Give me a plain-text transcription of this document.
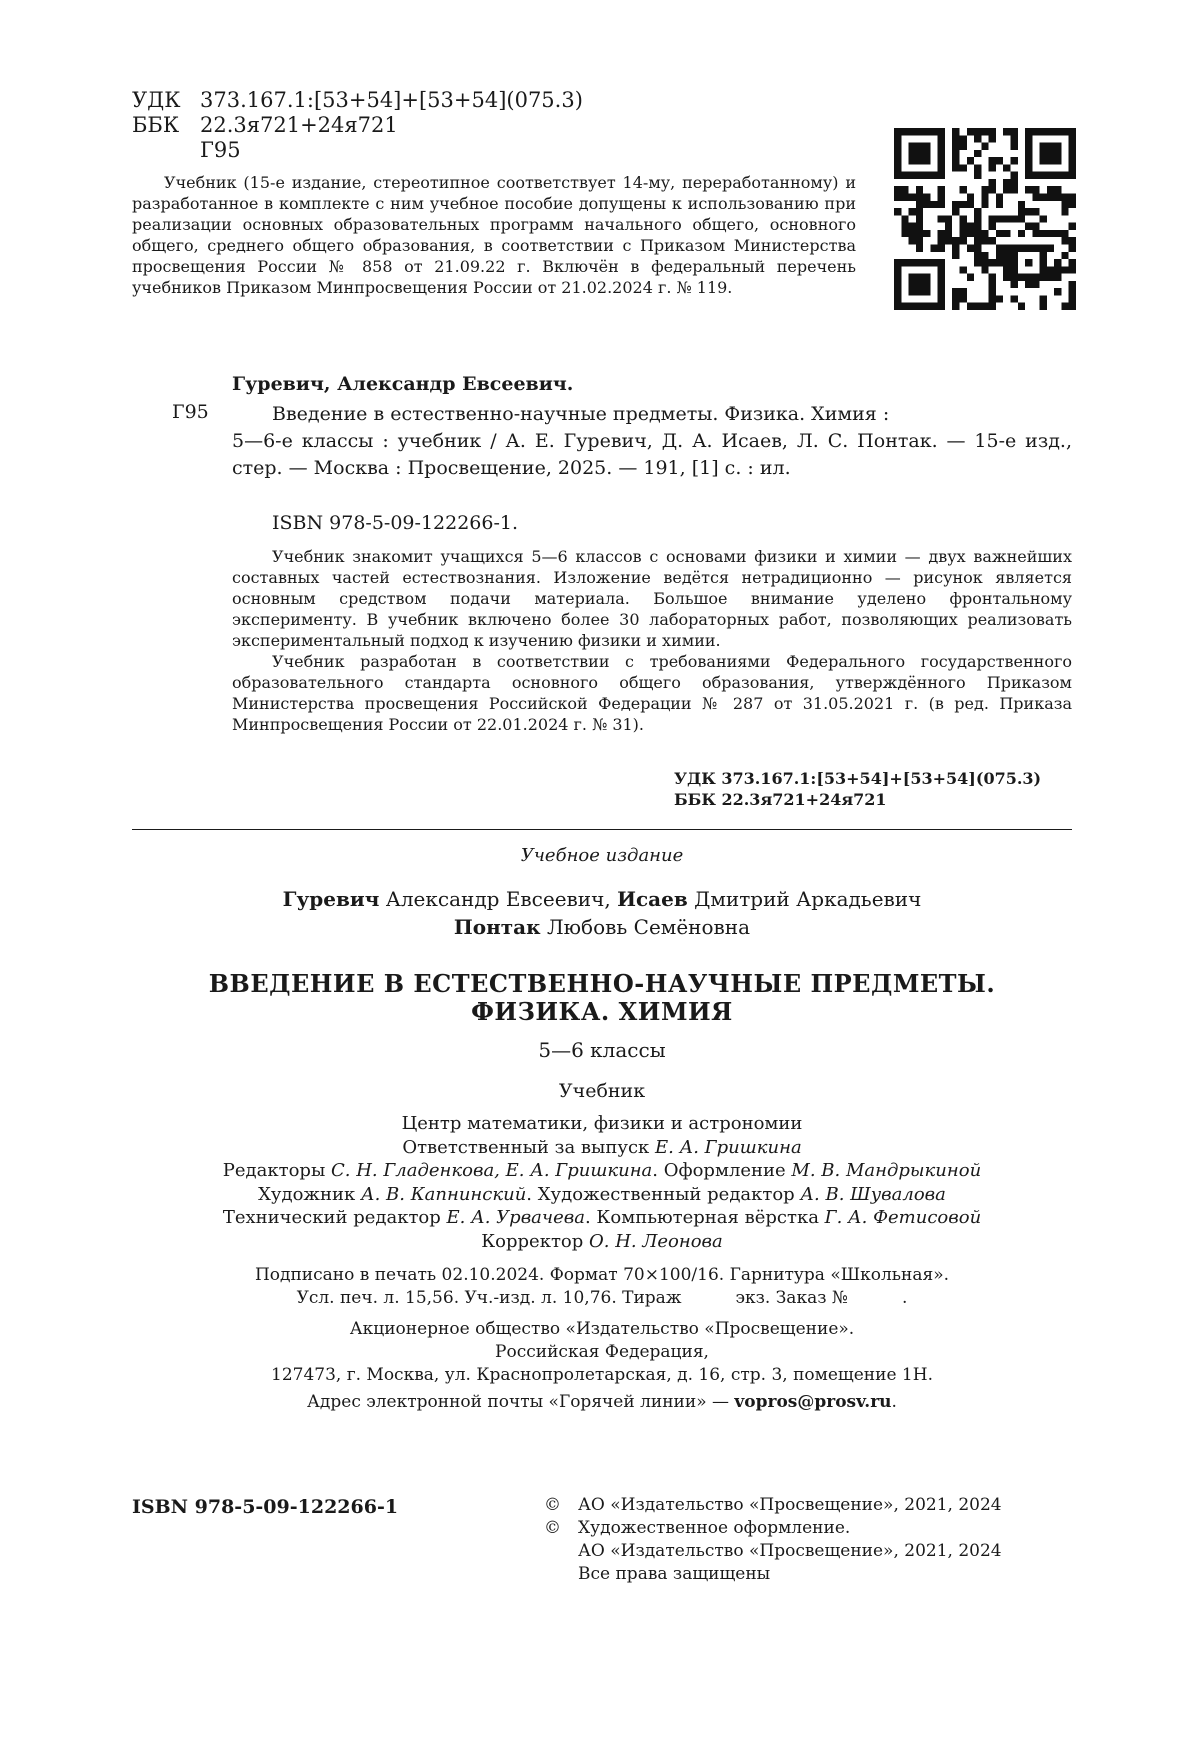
УДК 373.167.1:[53+54]+[53+54](075.3)
ББК 22.3я721+24я721
Г95
Учебник (15-е издание, стереотипное соответствует 14-му, переработанному) и разработанное в комплекте с ним учебное пособие допущены к использованию при реализации основных образовательных программ начального общего, основного общего, среднего общего образования, в соответствии с Приказом Министерства просвещения России № 858 от 21.09.22 г. Включён в федеральный перечень учебников Приказом Минпросвещения России от 21.02.2024 г. № 119.
Гуревич, Александр Евсеевич.
Г95	Введение в естественно-научные предметы. Физика. Химия :

5—6-е классы : учебник / А. Е. Гуревич, Д. А. Исаев, Л. С. Понтак. — 15-е изд., стер. — Москва : Просвещение, 2025. — 191, [1] с. : ил.

ISBN 978-5-09-122266-1.

Учебник знакомит учащихся 5—6 классов с основами физики и химии — двух важнейших составных частей естествознания. Изложение ведётся нетрадиционно — рисунок является основным средством подачи материала. Большое внимание уделено фронтальному эксперименту. В учебник включено более 30 лабораторных работ, позволяющих реализовать экспериментальный подход к изучению физики и химии.

Учебник разработан в соответствии с требованиями Федерального государственного образовательного стандарта основного общего образования, утверждённого Приказом Министерства просвещения Российской Федерации № 287 от 31.05.2021 г. (в ред. Приказа Минпросвещения России от 22.01.2024 г. № 31).

УДК 373.167.1:[53+54]+[53+54](075.3)
ББК 22.3я721+24я721
Учебное издание
Гуревич Александр Евсеевич, Исаев Дмитрий Аркадьевич
Понтак Любовь Семёновна
ВВЕДЕНИЕ В ЕСТЕСТВЕННО-НАУЧНЫЕ ПРЕДМЕТЫ.
ФИЗИКА. ХИМИЯ
5—6 классы
Учебник
Центр математики, физики и астрономии
Ответственный за выпуск Е. А. Гришкина
Редакторы С. Н. Гладенкова, Е. А. Гришкина. Оформление М. В. Мандрыкиной
Художник А. В. Капнинский. Художественный редактор А. В. Шувалова
Технический редактор Е. А. Урвачева. Компьютерная вёрстка Г. А. Фетисовой
Корректор О. Н. Леонова
Подписано в печать 02.10.2024. Формат 70×100/16. Гарнитура «Школьная».
Усл. печ. л. 15,56. Уч.-изд. л. 10,76. Тираж          экз. Заказ №          .
Акционерное общество «Издательство «Просвещение».
Российская Федерация,
127473, г. Москва, ул. Краснопролетарская, д. 16, стр. 3, помещение 1Н.
Адрес электронной почты «Горячей линии» — vopros@prosv.ru.
ISBN 978-5-09-122266-1	©	АО «Издательство «Просвещение», 2021, 2024
©	Художественное оформление.
АО «Издательство «Просвещение», 2021, 2024
Все права защищены
